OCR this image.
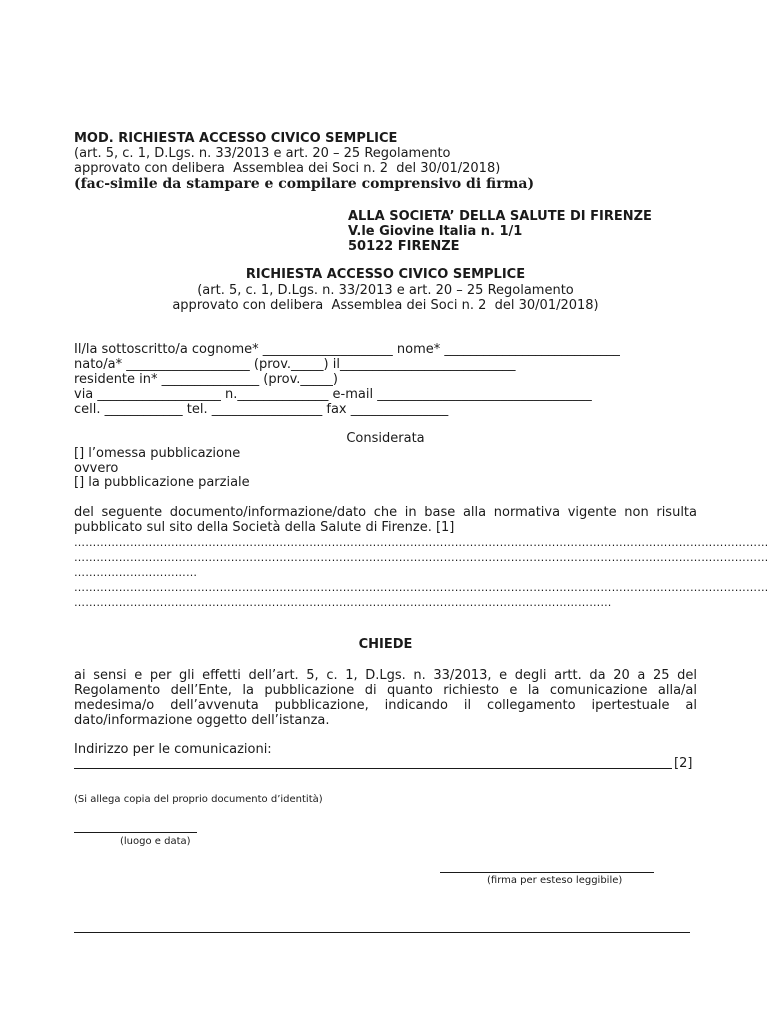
MOD. RICHIESTA ACCESSO CIVICO SEMPLICE
(art. 5, c. 1, D.Lgs. n. 33/2013 e art. 20 – 25 Regolamento
approvato con delibera  Assemblea dei Soci n. 2  del 30/01/2018)
(fac-simile da stampare e compilare comprensivo di firma)
ALLA SOCIETA’ DELLA SALUTE DI FIRENZE
V.le Giovine Italia n. 1/1
50122 FIRENZE
RICHIESTA ACCESSO CIVICO SEMPLICE
(art. 5, c. 1, D.Lgs. n. 33/2013 e art. 20 – 25 Regolamento
approvato con delibera  Assemblea dei Soci n. 2  del 30/01/2018)
Il/la sottoscritto/a cognome* ____________________ nome* ___________________________
nato/a* ___________________ (prov._____) il___________________________
residente in* _______________ (prov._____)
via ___________________ n.______________ e-mail _________________________________
cell. ____________ tel. _________________ fax _______________
Considerata
[] l’omessa pubblicazione
ovvero
[] la pubblicazione parziale
del seguente documento/informazione/dato che in base alla normativa vigente non risulta
pubblicato sul sito della Società della Salute di Firenze. [1]
……………………………………………………………………………………………………………………………………………………………………
……………………………………………………………………………………………………………………………………………………………………
……………………………
……………………………………………………………………………………………………………………………………………………………………
………………………………………………………………………………………………………………………………
CHIEDE
ai sensi e per gli effetti dell’art. 5, c. 1, D.Lgs. n. 33/2013, e degli artt. da 20 a 25 del
Regolamento dell’Ente, la pubblicazione di quanto richiesto e la comunicazione alla/al
medesima/o dell’avvenuta pubblicazione, indicando il collegamento ipertestuale al
dato/informazione oggetto dell’istanza.
Indirizzo per le comunicazioni:
[2]
(Si allega copia del proprio documento d’identità)
(luogo e data)
(firma per esteso leggibile)
